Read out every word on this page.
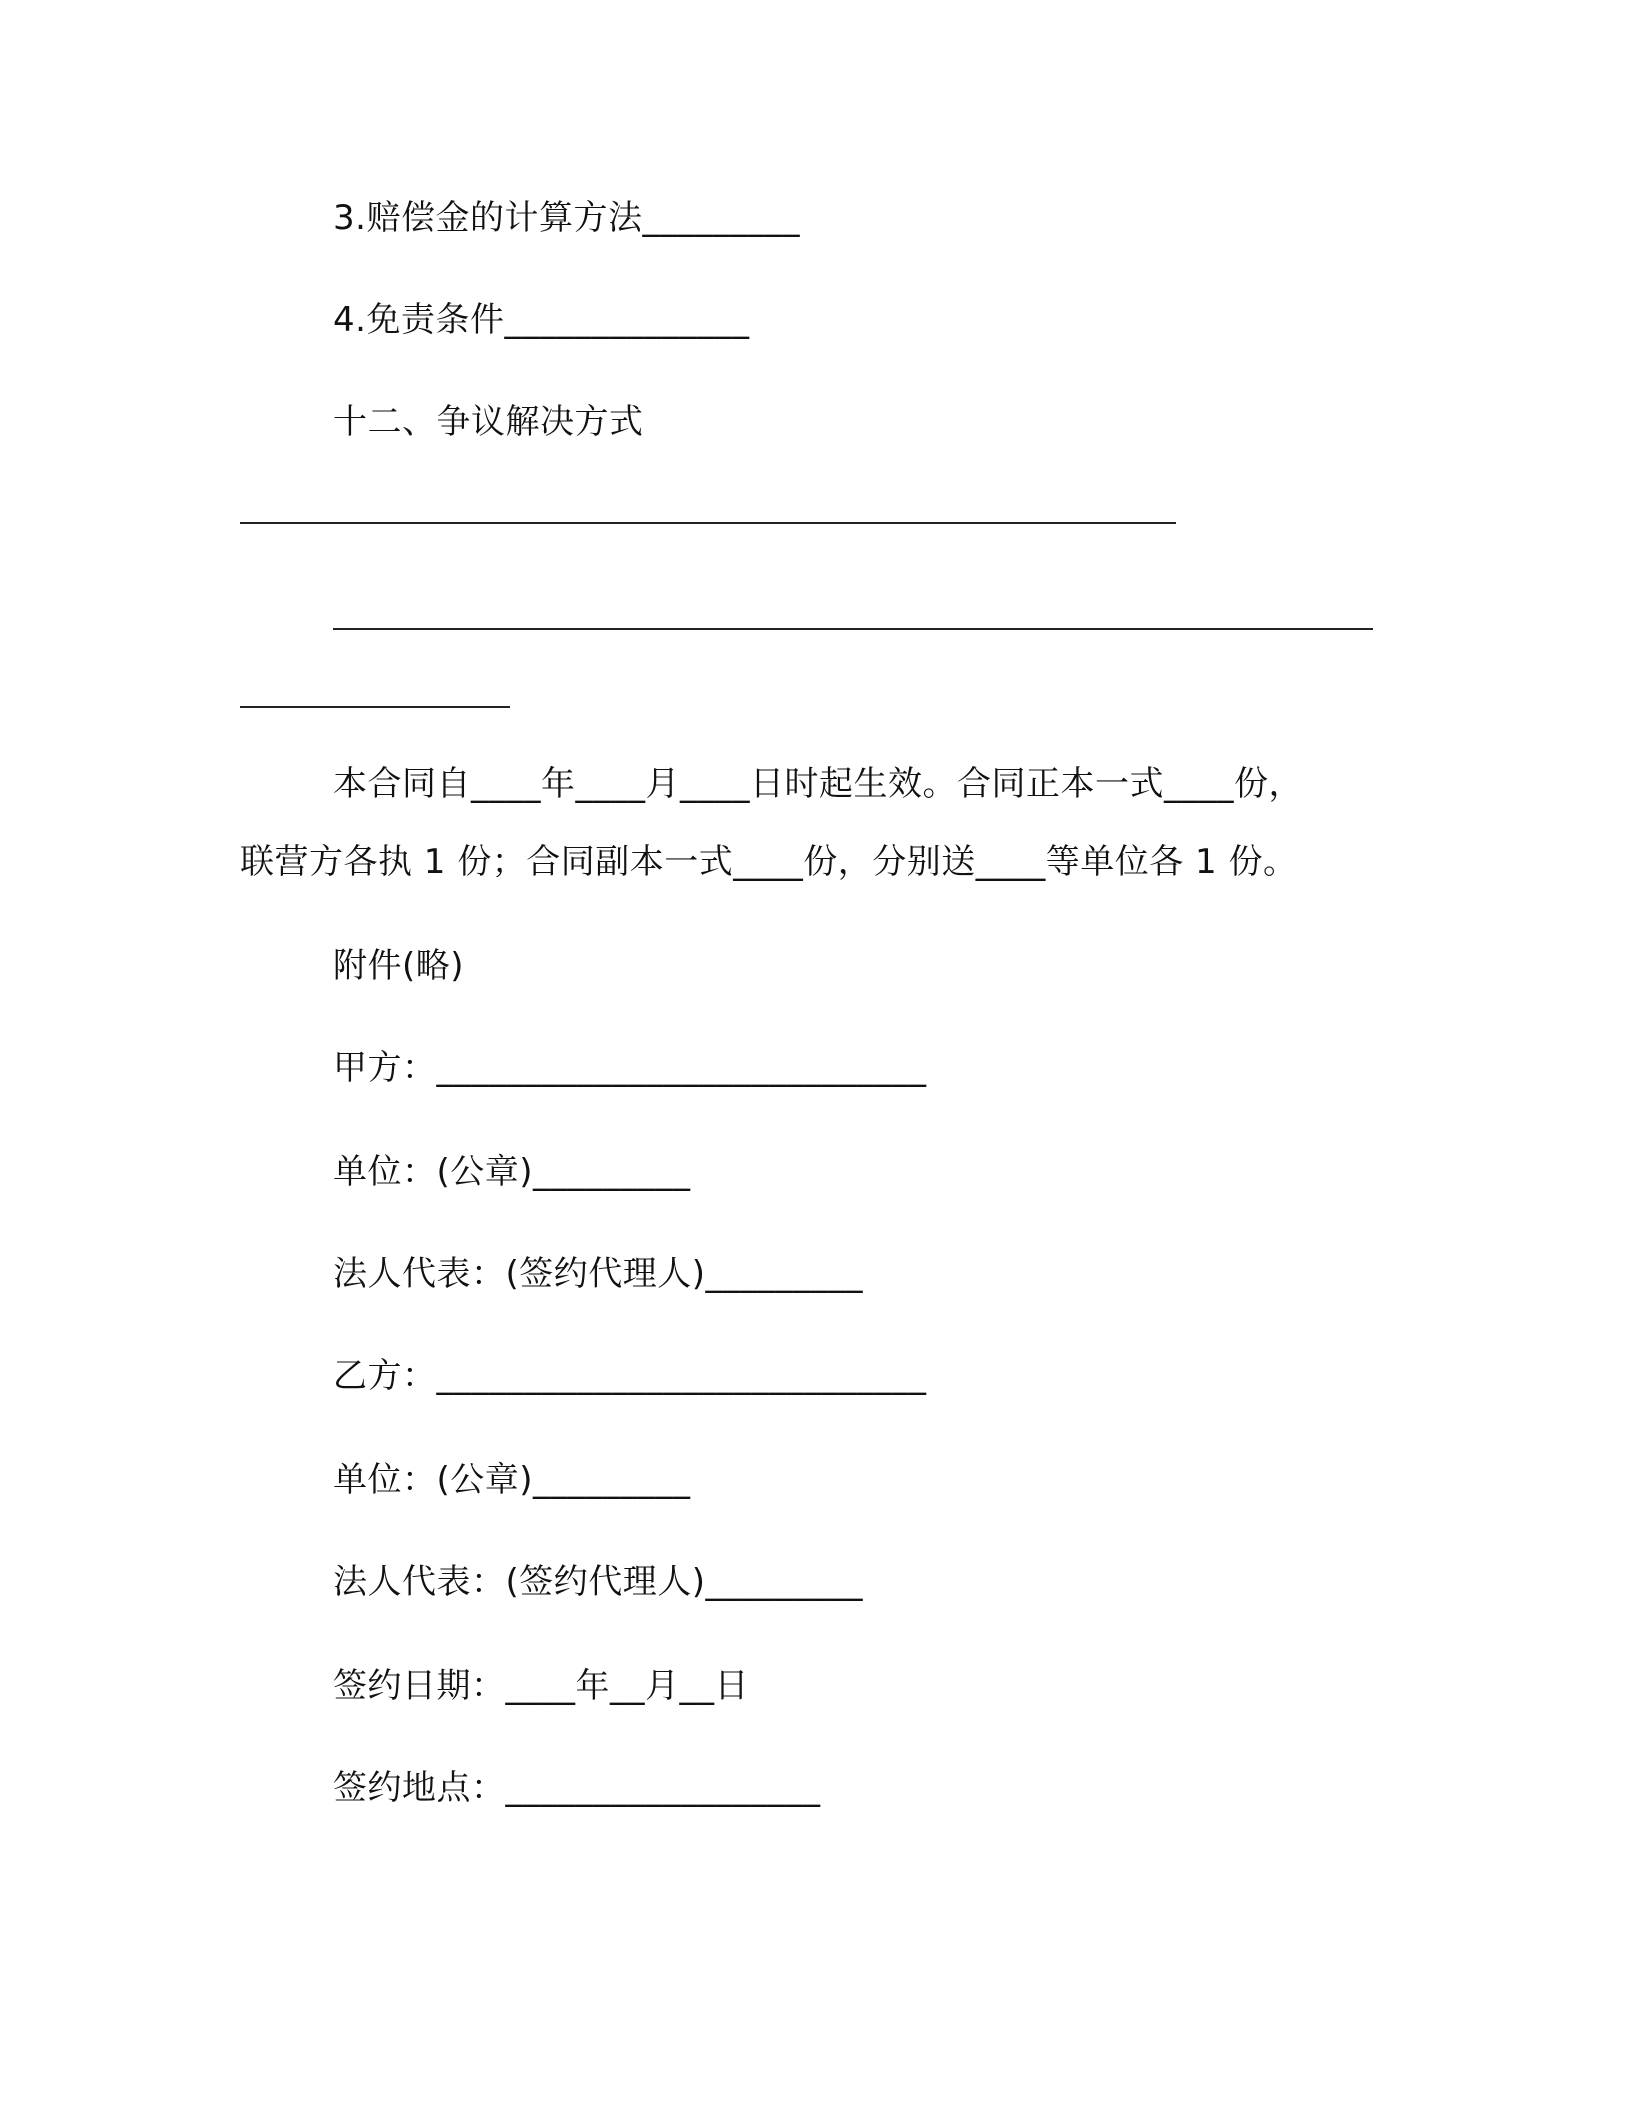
3.赔偿金的计算方法_________
4.免责条件______________
十二、争议解决方式
本合同自____年____月____日时起生效。合同正本一式____份，
联营方各执 1 份；合同副本一式____份，分别送____等单位各 1 份。
附件(略)
甲方：____________________________
单位：(公章)_________
法人代表：(签约代理人)_________
乙方：____________________________
单位：(公章)_________
法人代表：(签约代理人)_________
签约日期：____年__月__日
签约地点：__________________
